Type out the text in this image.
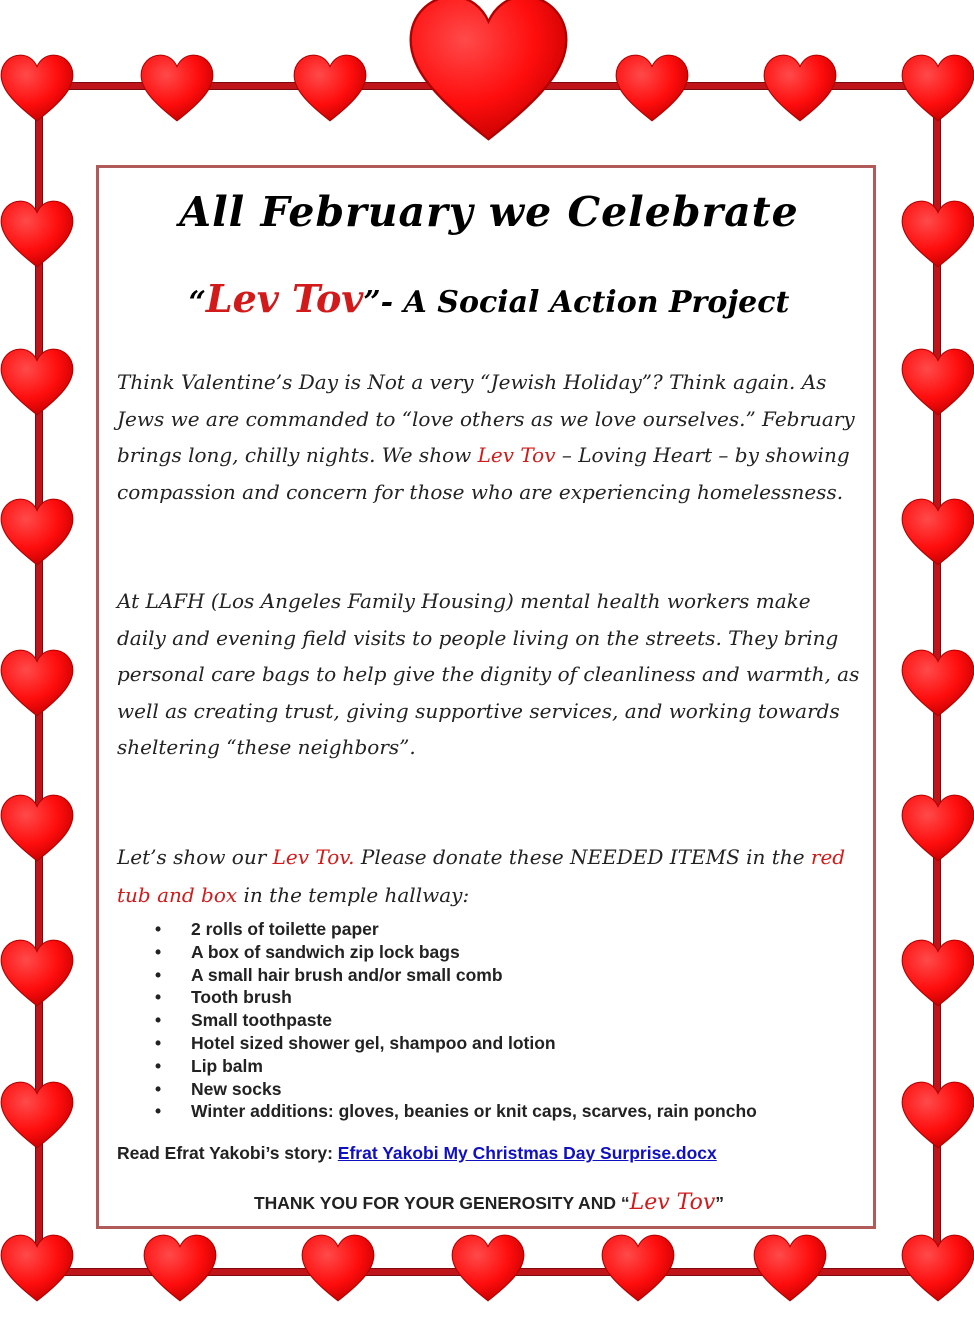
All February we Celebrate
“Lev Tov”- A Social Action Project

Think Valentine’s Day is Not a very “Jewish Holiday”? Think again. As Jews we are commanded to “love others as we love ourselves.” February brings long, chilly nights. We show Lev Tov – Loving Heart – by showing compassion and concern for those who are experiencing homelessness.

At LAFH (Los Angeles Family Housing) mental health workers make daily and evening field visits to people living on the streets. They bring personal care bags to help give the dignity of cleanliness and warmth, as well as creating trust, giving supportive services, and working towards sheltering “these neighbors”.

Let’s show our Lev Tov. Please donate these NEEDED ITEMS in the red tub and box in the temple hallway:

• 2 rolls of toilette paper
• A box of sandwich zip lock bags
• A small hair brush and/or small comb
• Tooth brush
• Small toothpaste
• Hotel sized shower gel, shampoo and lotion
• Lip balm
• New socks
• Winter additions: gloves, beanies or knit caps, scarves, rain poncho
Read Efrat Yakobi’s story: Efrat Yakobi My Christmas Day Surprise.docx
THANK YOU FOR YOUR GENEROSITY AND “Lev Tov”
